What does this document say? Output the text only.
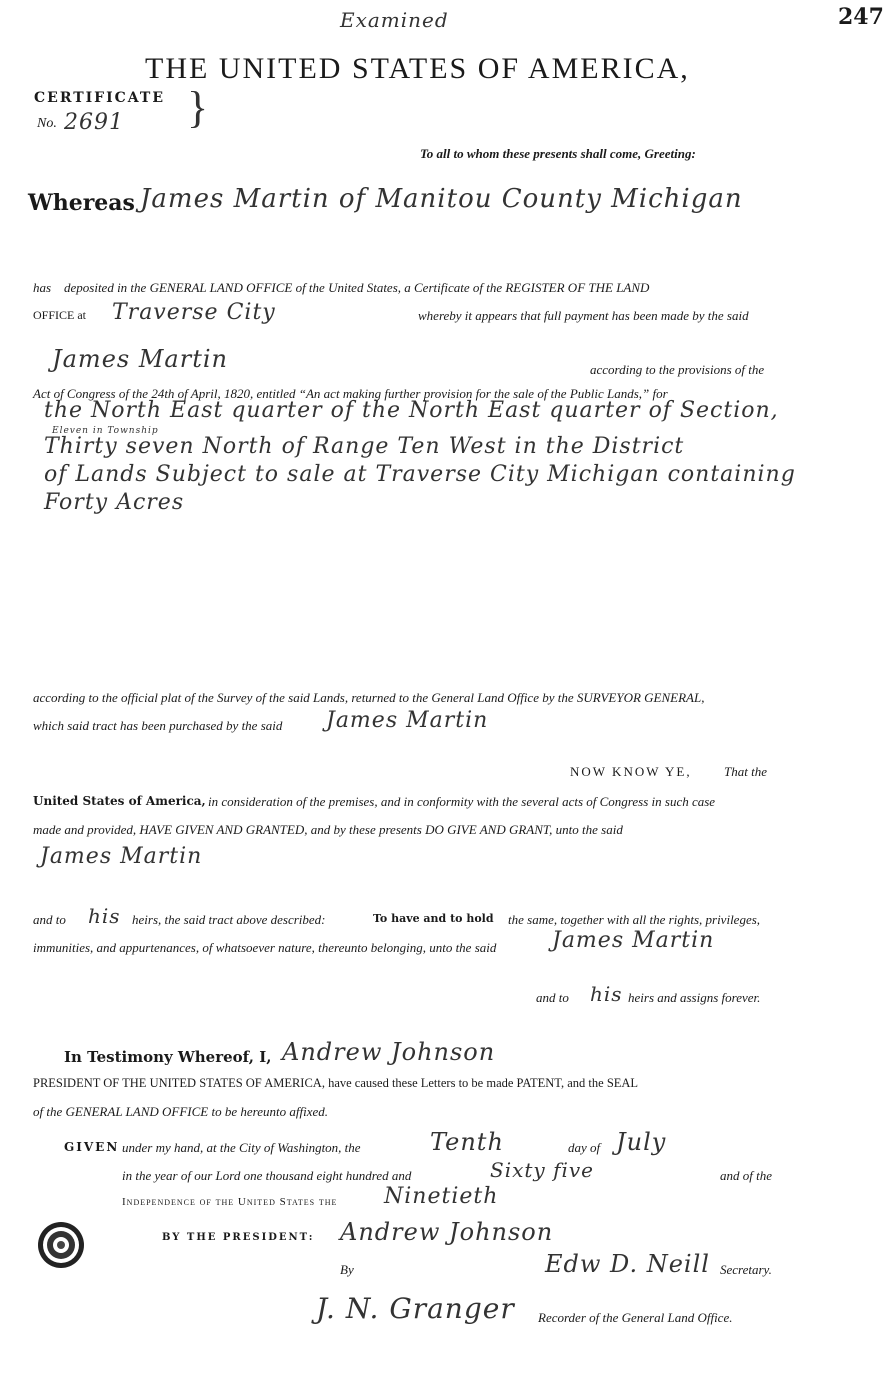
247
Examined
THE UNITED STATES OF AMERICA,
CERTIFICATE }
No. 2691
To all to whom these presents shall come, Greeting:
Whereas James Martin of Manitou County Michigan
has deposited in the GENERAL LAND OFFICE of the United States, a Certificate of the REGISTER OF THE LAND
OFFICE at Traverse City	whereby it appears that full payment has been made by the said
James Martin	according to the provisions of the
Act of Congress of the 24th of April, 1820, entitled “An act making further provision for the sale of the Public Lands,” for
the North East quarter of the North East quarter of Section,
Eleven in Township
Thirty seven North of Range Ten West in the District
of Lands Subject to sale at Traverse City Michigan containing
Forty Acres
according to the official plat of the Survey of the said Lands, returned to the General Land Office by the SURVEYOR GENERAL,
which said tract has been purchased by the said James Martin
NOW KNOW YE, That the
United States of America, in consideration of the premises, and in conformity with the several acts of Congress in such case
made and provided, HAVE GIVEN AND GRANTED, and by these presents DO GIVE AND GRANT, unto the said
James Martin
and to his heirs, the said tract above described:	To have and to hold the same, together with all the rights, privileges,
immunities, and appurtenances, of whatsoever nature, thereunto belonging, unto the said	James Martin
and to his heirs and assigns forever.
In Testimony Whereof, I, Andrew Johnson
PRESIDENT OF THE UNITED STATES OF AMERICA, have caused these Letters to be made PATENT, and the SEAL
of the GENERAL LAND OFFICE to be hereunto affixed.
GIVEN under my hand, at the City of Washington, the	Tenth	day of July
in the year of our Lord one thousand eight hundred and	Sixty five	and of the
Independence of the United States the Ninetieth
BY THE PRESIDENT: Andrew Johnson
By	Edw D. Neill Secretary.
J. N. Granger Recorder of the General Land Office.
